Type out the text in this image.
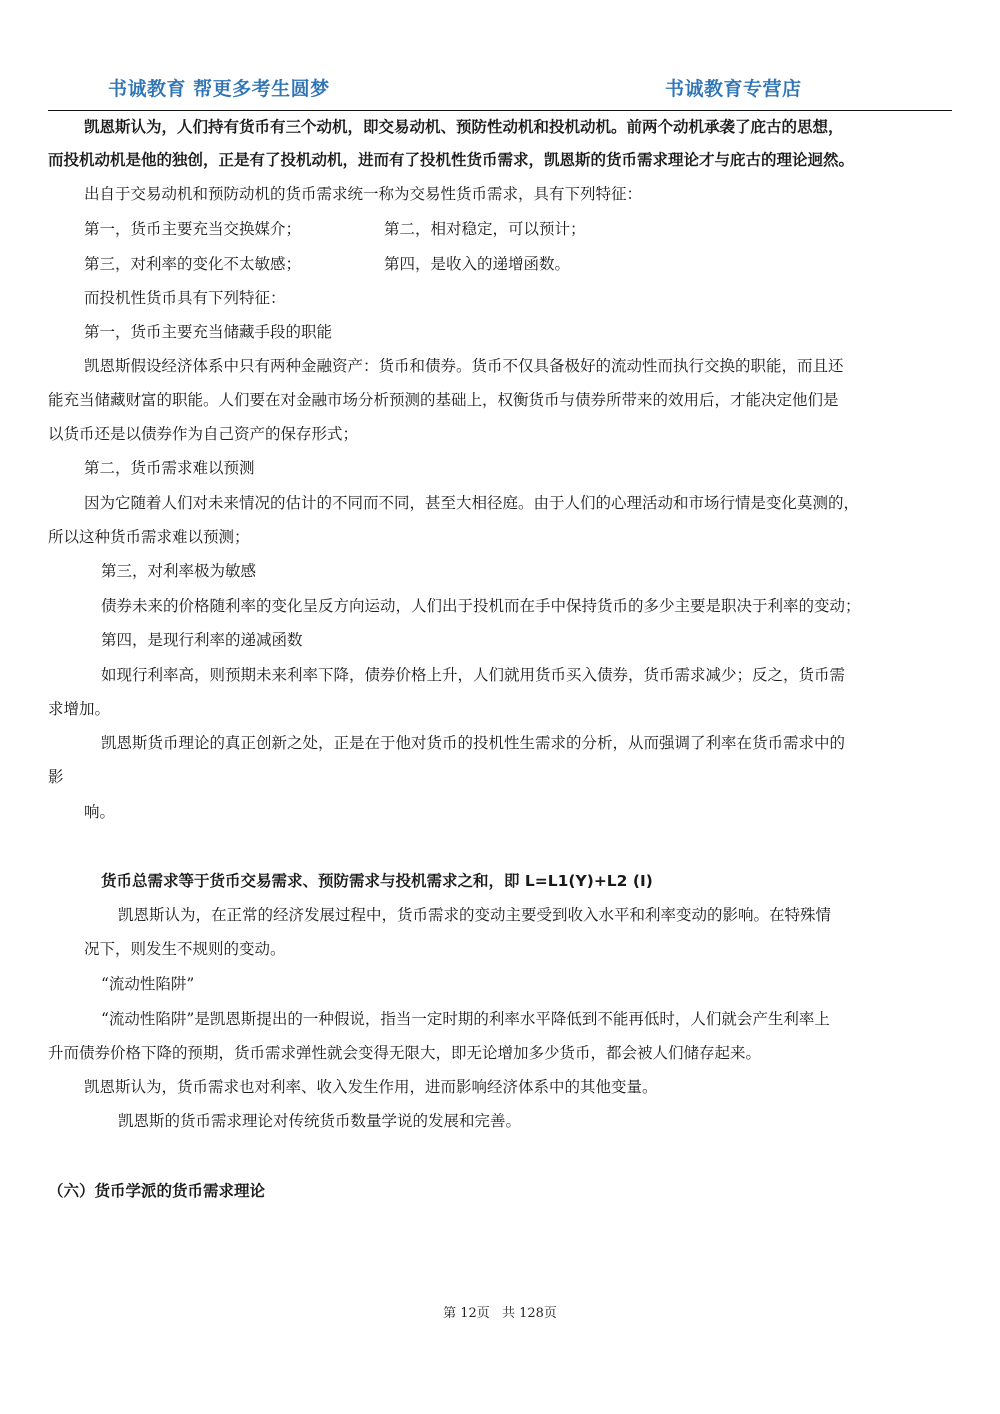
书诚教育 帮更多考生圆梦	书诚教育专营店
凯恩斯认为，人们持有货币有三个动机，即交易动机、预防性动机和投机动机。前两个动机承袭了庇古的思想，
而投机动机是他的独创，正是有了投机动机，进而有了投机性货币需求，凯恩斯的货币需求理论才与庇古的理论迥然。
出自于交易动机和预防动机的货币需求统一称为交易性货币需求，具有下列特征：
第一，货币主要充当交换媒介；	第二，相对稳定，可以预计；
第三，对利率的变化不太敏感；	第四，是收入的递增函数。
而投机性货币具有下列特征：
第一，货币主要充当储藏手段的职能
凯恩斯假设经济体系中只有两种金融资产：货币和债券。货币不仅具备极好的流动性而执行交换的职能，而且还
能充当储藏财富的职能。人们要在对金融市场分析预测的基础上，权衡货币与债券所带来的效用后，才能决定他们是
以货币还是以债券作为自己资产的保存形式；
第二，货币需求难以预测
因为它随着人们对未来情况的估计的不同而不同，甚至大相径庭。由于人们的心理活动和市场行情是变化莫测的，
所以这种货币需求难以预测；
第三，对利率极为敏感
债券未来的价格随利率的变化呈反方向运动，人们出于投机而在手中保持货币的多少主要是职决于利率的变动；
第四，是现行利率的递减函数
如现行利率高，则预期未来利率下降，债券价格上升，人们就用货币买入债券，货币需求减少；反之，货币需
求增加。
凯恩斯货币理论的真正创新之处，正是在于他对货币的投机性生需求的分析，从而强调了利率在货币需求中的
影
响。
货币总需求等于货币交易需求、预防需求与投机需求之和，即 L=L1(Y)+L2 (I)
凯恩斯认为，在正常的经济发展过程中，货币需求的变动主要受到收入水平和利率变动的影响。在特殊情
况下，则发生不规则的变动。
“流动性陷阱”
“流动性陷阱”是凯恩斯提出的一种假说，指当一定时期的利率水平降低到不能再低时，人们就会产生利率上
升而债券价格下降的预期，货币需求弹性就会变得无限大，即无论增加多少货币，都会被人们储存起来。
凯恩斯认为，货币需求也对利率、收入发生作用，进而影响经济体系中的其他变量。
凯恩斯的货币需求理论对传统货币数量学说的发展和完善。
（六）货币学派的货币需求理论
第 12页 共 128页
